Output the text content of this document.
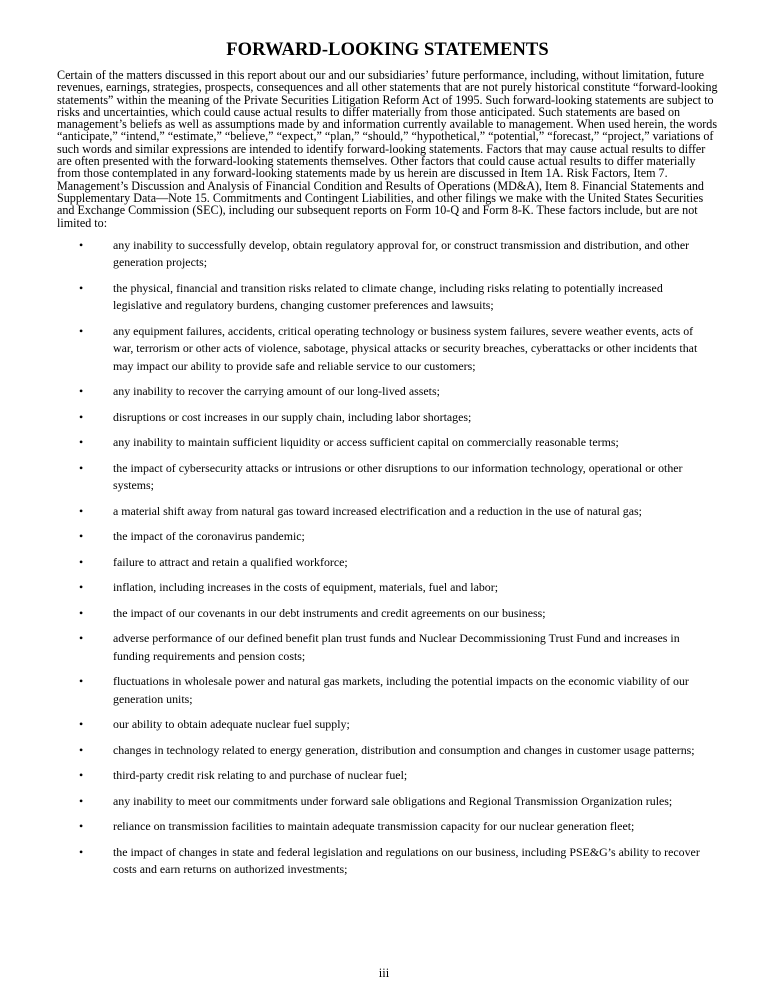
FORWARD-LOOKING STATEMENTS

Certain of the matters discussed in this report about our and our subsidiaries’ future performance, including, without limitation, future revenues, earnings, strategies, prospects, consequences and all other statements that are not purely historical constitute “forward-looking statements” within the meaning of the Private Securities Litigation Reform Act of 1995. Such forward-looking statements are subject to risks and uncertainties, which could cause actual results to differ materially from those anticipated. Such statements are based on management’s beliefs as well as assumptions made by and information currently available to management. When used herein, the words “anticipate,” “intend,” “estimate,” “believe,” “expect,” “plan,” “should,” “hypothetical,” “potential,” “forecast,” “project,” variations of such words and similar expressions are intended to identify forward-looking statements. Factors that may cause actual results to differ are often presented with the forward-looking statements themselves. Other factors that could cause actual results to differ materially from those contemplated in any forward-looking statements made by us herein are discussed in Item 1A. Risk Factors, Item 7. Management’s Discussion and Analysis of Financial Condition and Results of Operations (MD&A), Item 8. Financial Statements and Supplementary Data—Note 15. Commitments and Contingent Liabilities, and other filings we make with the United States Securities and Exchange Commission (SEC), including our subsequent reports on Form 10-Q and Form 8-K. These factors include, but are not limited to:

•	any inability to successfully develop, obtain regulatory approval for, or construct transmission and distribution, and other generation projects;
•	the physical, financial and transition risks related to climate change, including risks relating to potentially increased legislative and regulatory burdens, changing customer preferences and lawsuits;
•	any equipment failures, accidents, critical operating technology or business system failures, severe weather events, acts of war, terrorism or other acts of violence, sabotage, physical attacks or security breaches, cyberattacks or other incidents that may impact our ability to provide safe and reliable service to our customers;
•	any inability to recover the carrying amount of our long-lived assets;
•	disruptions or cost increases in our supply chain, including labor shortages;
•	any inability to maintain sufficient liquidity or access sufficient capital on commercially reasonable terms;
•	the impact of cybersecurity attacks or intrusions or other disruptions to our information technology, operational or other systems;
•	a material shift away from natural gas toward increased electrification and a reduction in the use of natural gas;
•	the impact of the coronavirus pandemic;
•	failure to attract and retain a qualified workforce;
•	inflation, including increases in the costs of equipment, materials, fuel and labor;
•	the impact of our covenants in our debt instruments and credit agreements on our business;
•	adverse performance of our defined benefit plan trust funds and Nuclear Decommissioning Trust Fund and increases in funding requirements and pension costs;
•	fluctuations in wholesale power and natural gas markets, including the potential impacts on the economic viability of our generation units;
•	our ability to obtain adequate nuclear fuel supply;
•	changes in technology related to energy generation, distribution and consumption and changes in customer usage patterns;
•	third-party credit risk relating to and purchase of nuclear fuel;
•	any inability to meet our commitments under forward sale obligations and Regional Transmission Organization rules;
•	reliance on transmission facilities to maintain adequate transmission capacity for our nuclear generation fleet;
•	the impact of changes in state and federal legislation and regulations on our business, including PSE&G’s ability to recover costs and earn returns on authorized investments;
iii
